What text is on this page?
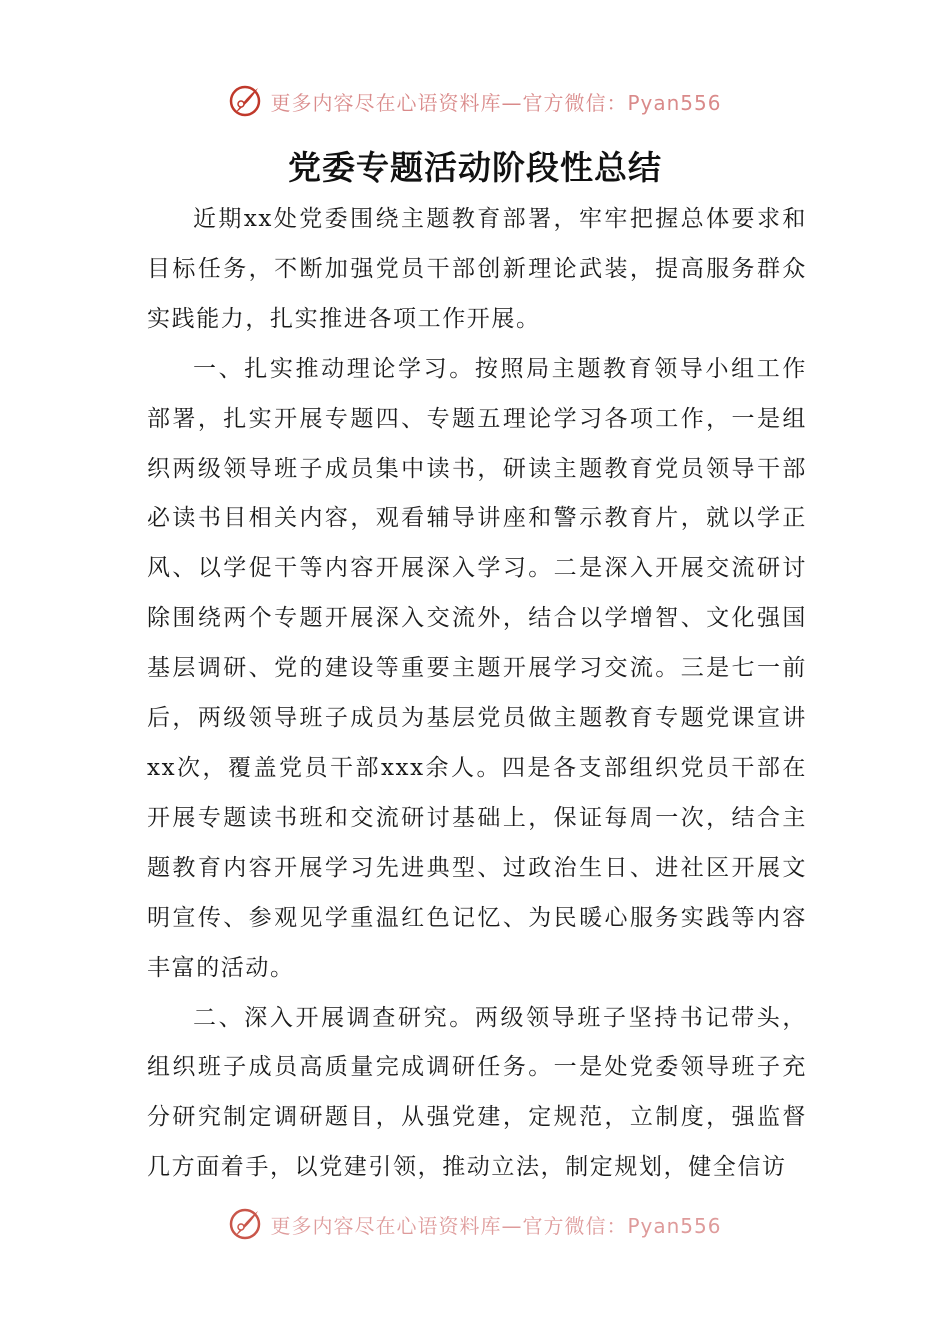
更多内容尽在心语资料库—官方微信：Pyan556
党委专题活动阶段性总结

近期xx处党委围绕主题教育部署，牢牢把握总体要求和目标任务，不断加强党员干部创新理论武装，提高服务群众实践能力，扎实推进各项工作开展。

一、扎实推动理论学习。按照局主题教育领导小组工作部署，扎实开展专题四、专题五理论学习各项工作，一是组织两级领导班子成员集中读书，研读主题教育党员领导干部必读书目相关内容，观看辅导讲座和警示教育片，就以学正风、以学促干等内容开展深入学习。二是深入开展交流研讨除围绕两个专题开展深入交流外，结合以学增智、文化强国基层调研、党的建设等重要主题开展学习交流。三是七一前后，两级领导班子成员为基层党员做主题教育专题党课宣讲xx次，覆盖党员干部xxx余人。四是各支部组织党员干部在开展专题读书班和交流研讨基础上，保证每周一次，结合主题教育内容开展学习先进典型、过政治生日、进社区开展文明宣传、参观见学重温红色记忆、为民暖心服务实践等内容丰富的活动。

二、深入开展调查研究。两级领导班子坚持书记带头，组织班子成员高质量完成调研任务。一是处党委领导班子充分研究制定调研题目，从强党建，定规范，立制度，强监督几方面着手，以党建引领，推动立法，制定规划，健全信访

更多内容尽在心语资料库—官方微信：Pyan556
